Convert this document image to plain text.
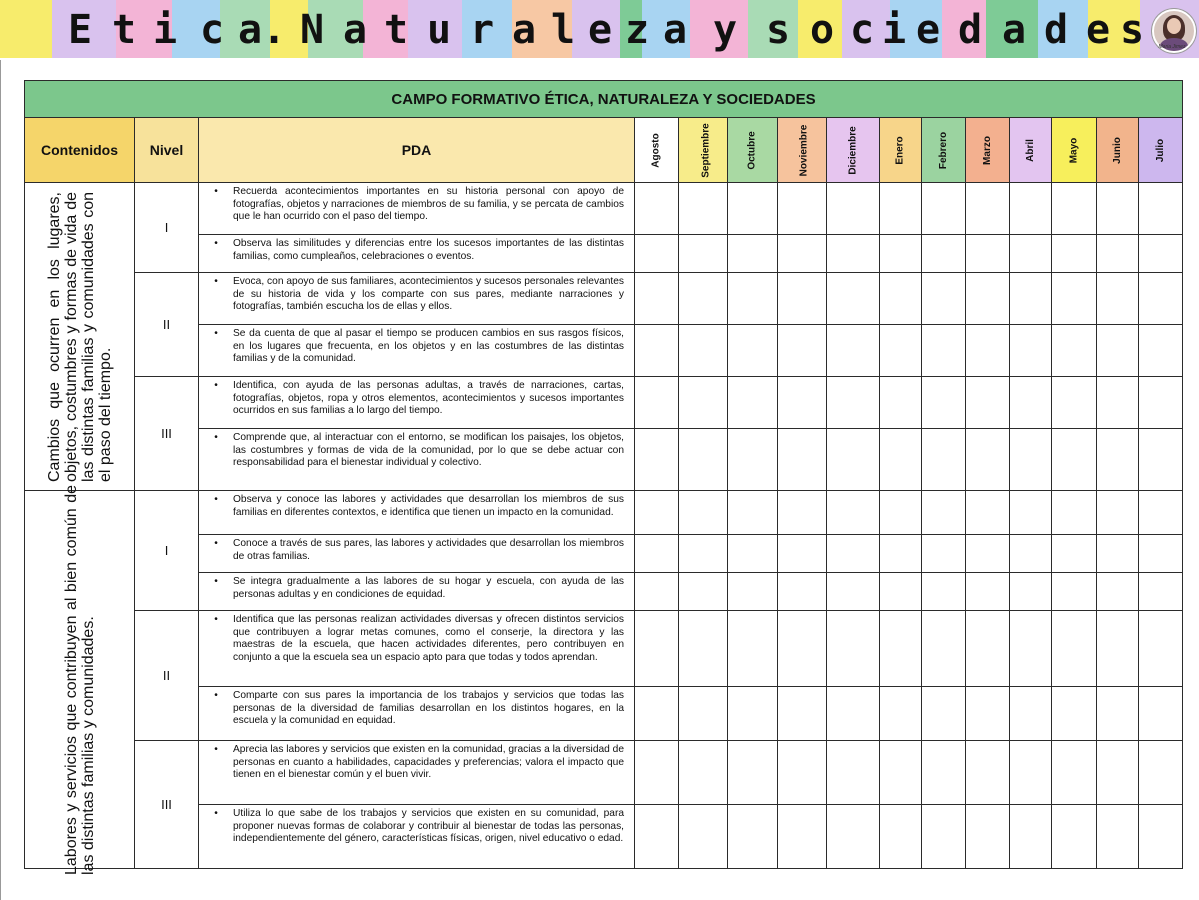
E t i c a . N a t u r a l e z a y s o c i e d a d e s	Maria Jimez
CAMPO FORMATIVO ÉTICA, NATURALEZA Y SOCIEDADES														
Contenidos	Nivel	PDA	Agosto	Septiembre	Octubre	Noviembre	Diciembre	Enero	Febrero	Marzo	Abril	Mayo	Junio	Julio

Cambios que ocurren en los lugares, objetos, costumbres y formas de vida de las distintas familias y comunidades con el paso del tiempo.	I	• Recuerda acontecimientos importantes en su historia personal con apoyo de fotografías, objetos y narraciones de miembros de su familia, y se percata de cambios que le han ocurrido con el paso del tiempo.												

		• Observa las similitudes y diferencias entre los sucesos importantes de las distintas familias, como cumpleaños, celebraciones o eventos.												

	II	• Evoca, con apoyo de sus familiares, acontecimientos y sucesos personales relevantes de su historia de vida y los comparte con sus pares, mediante narraciones y fotografías, también escucha los de ellas y ellos.												

		• Se da cuenta de que al pasar el tiempo se producen cambios en sus rasgos físicos, en los lugares que frecuenta, en los objetos y en las costumbres de las distintas familias y de la comunidad.												

	III	• Identifica, con ayuda de las personas adultas, a través de narraciones, cartas, fotografías, objetos, ropa y otros elementos, acontecimientos y sucesos importantes ocurridos en sus familias a lo largo del tiempo.												

		• Comprende que, al interactuar con el entorno, se modifican los paisajes, los objetos, las costumbres y formas de vida de la comunidad, por lo que se debe actuar con responsabilidad para el bienestar individual y colectivo.												

Labores y servicios que contribuyen al bien común de las distintas familias y comunidades.	I	• Observa y conoce las labores y actividades que desarrollan los miembros de sus familias en diferentes contextos, e identifica que tienen un impacto en la comunidad.												

		• Conoce a través de sus pares, las labores y actividades que desarrollan los miembros de otras familias.												

		• Se integra gradualmente a las labores de su hogar y escuela, con ayuda de las personas adultas y en condiciones de equidad.												

	II	• Identifica que las personas realizan actividades diversas y ofrecen distintos servicios que contribuyen a lograr metas comunes, como el conserje, la directora y las maestras de la escuela, que hacen actividades diferentes, pero contribuyen en conjunto a que la escuela sea un espacio apto para que todas y todos aprendan.												

		• Comparte con sus pares la importancia de los trabajos y servicios que todas las personas de la diversidad de familias desarrollan en los distintos hogares, en la escuela y la comunidad en equidad.												

	III	• Aprecia las labores y servicios que existen en la comunidad, gracias a la diversidad de personas en cuanto a habilidades, capacidades y preferencias; valora el impacto que tienen en el bienestar común y el buen vivir.												

		• Utiliza lo que sabe de los trabajos y servicios que existen en su comunidad, para proponer nuevas formas de colaborar y contribuir al bienestar de todas las personas, independientemente del género, características físicas, origen, nivel educativo o edad.												
